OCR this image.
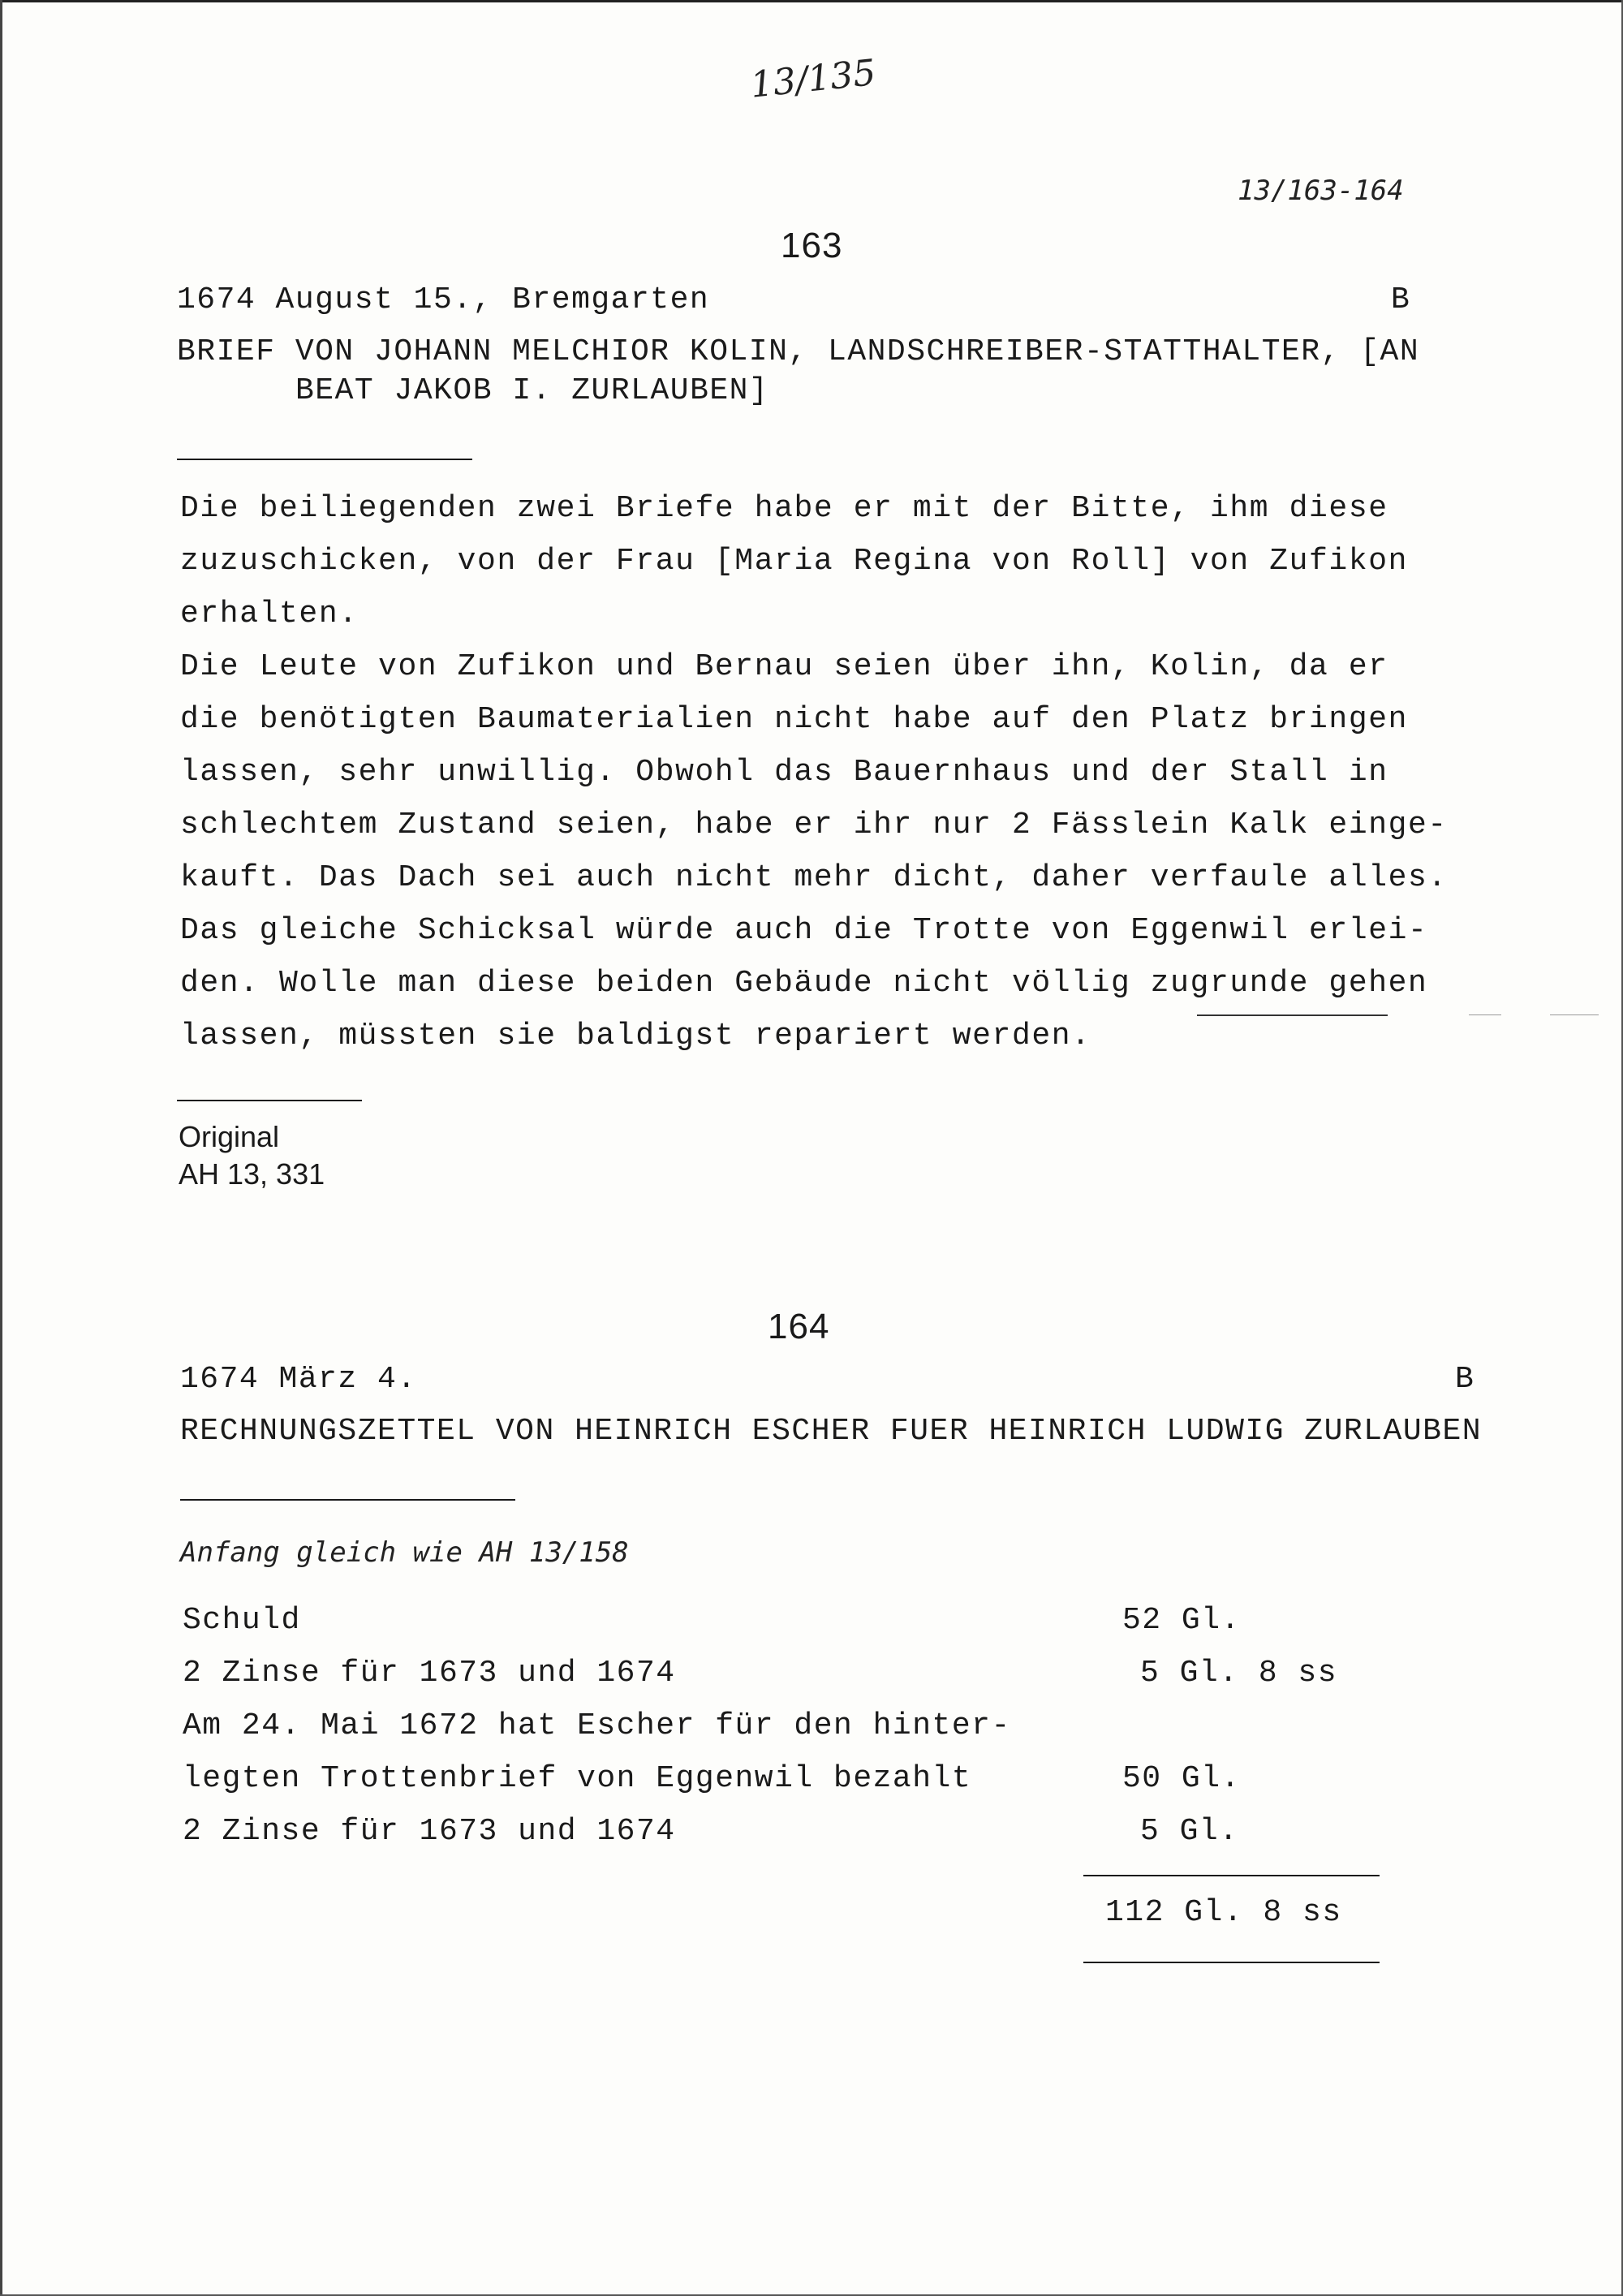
13/135
13/163-164
163
1674 August 15., Bremgarten	B
BRIEF VON JOHANN MELCHIOR KOLIN, LANDSCHREIBER-STATTHALTER, [AN
BEAT JAKOB I. ZURLAUBEN]
Die beiliegenden zwei Briefe habe er mit der Bitte, ihm diese
zuzuschicken, von der Frau [Maria Regina von Roll] von Zufikon
erhalten.
Die Leute von Zufikon und Bernau seien über ihn, Kolin, da er
die benötigten Baumaterialien nicht habe auf den Platz bringen
lassen, sehr unwillig. Obwohl das Bauernhaus und der Stall in
schlechtem Zustand seien, habe er ihr nur 2 Fässlein Kalk einge-
kauft. Das Dach sei auch nicht mehr dicht, daher verfaule alles.
Das gleiche Schicksal würde auch die Trotte von Eggenwil erlei-
den. Wolle man diese beiden Gebäude nicht völlig zugrunde gehen
lassen, müssten sie baldigst repariert werden.
Original
AH 13, 331
164
1674 März 4.	B
RECHNUNGSZETTEL VON HEINRICH ESCHER FUER HEINRICH LUDWIG ZURLAUBEN
Anfang gleich wie AH 13/158
Schuld	52 Gl.
2 Zinse für 1673 und 1674	5 Gl. 8 ss
Am 24. Mai 1672 hat Escher für den hinter-
legten Trottenbrief von Eggenwil bezahlt	50 Gl.
2 Zinse für 1673 und 1674	5 Gl.
112 Gl. 8 ss
